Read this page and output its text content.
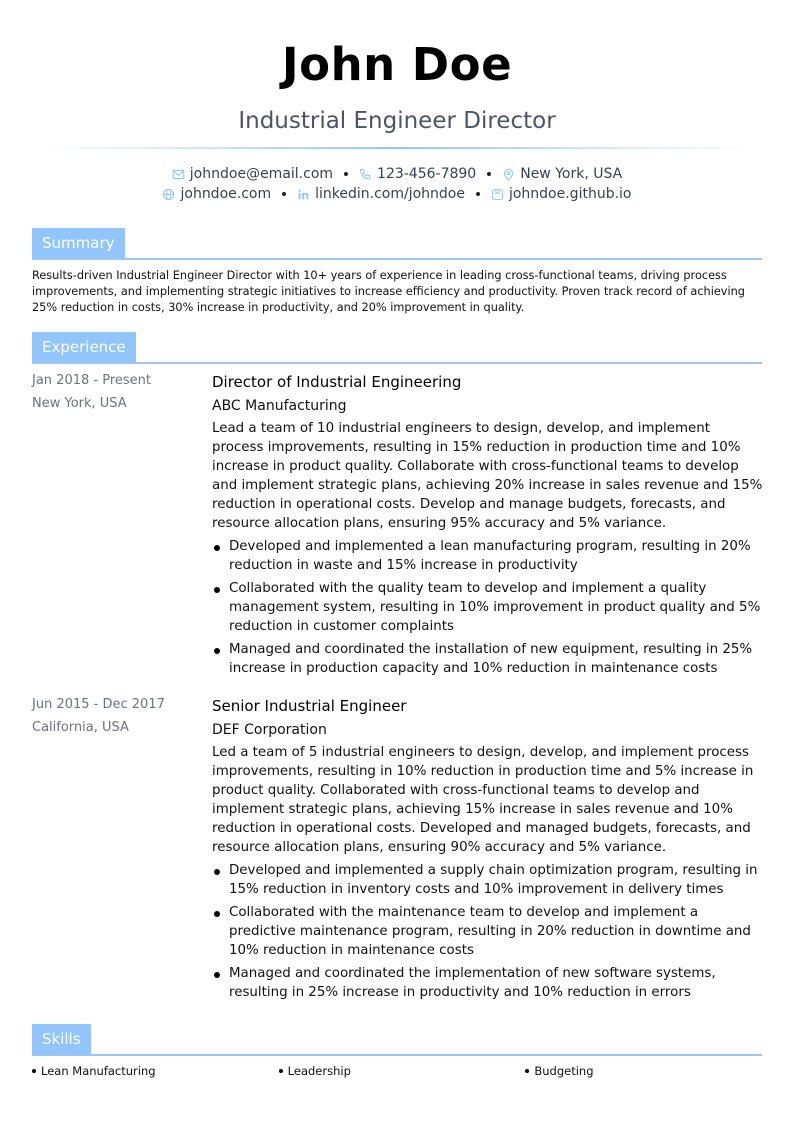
John Doe
Industrial Engineer Director
johndoe@email.com	123-456-7890	New York, USA
johndoe.com	linkedin.com/johndoe	johndoe.github.io
Summary
Results-driven Industrial Engineer Director with 10+ years of experience in leading cross-functional teams, driving process improvements, and implementing strategic initiatives to increase efficiency and productivity. Proven track record of achieving 25% reduction in costs, 30% increase in productivity, and 20% improvement in quality.
Experience
Jan 2018 - Present
New York, USA
Director of Industrial Engineering
ABC Manufacturing
Lead a team of 10 industrial engineers to design, develop, and implement process improvements, resulting in 15% reduction in production time and 10% increase in product quality. Collaborate with cross-functional teams to develop and implement strategic plans, achieving 20% increase in sales revenue and 15% reduction in operational costs. Develop and manage budgets, forecasts, and resource allocation plans, ensuring 95% accuracy and 5% variance.
Developed and implemented a lean manufacturing program, resulting in 20% reduction in waste and 15% increase in productivity
Collaborated with the quality team to develop and implement a quality management system, resulting in 10% improvement in product quality and 5% reduction in customer complaints
Managed and coordinated the installation of new equipment, resulting in 25% increase in production capacity and 10% reduction in maintenance costs
Jun 2015 - Dec 2017
California, USA
Senior Industrial Engineer
DEF Corporation
Led a team of 5 industrial engineers to design, develop, and implement process improvements, resulting in 10% reduction in production time and 5% increase in product quality. Collaborated with cross-functional teams to develop and implement strategic plans, achieving 15% increase in sales revenue and 10% reduction in operational costs. Developed and managed budgets, forecasts, and resource allocation plans, ensuring 90% accuracy and 5% variance.
Developed and implemented a supply chain optimization program, resulting in 15% reduction in inventory costs and 10% improvement in delivery times
Collaborated with the maintenance team to develop and implement a predictive maintenance program, resulting in 20% reduction in downtime and 10% reduction in maintenance costs
Managed and coordinated the implementation of new software systems, resulting in 25% increase in productivity and 10% reduction in errors
Skills
Lean Manufacturing	Leadership	Budgeting
